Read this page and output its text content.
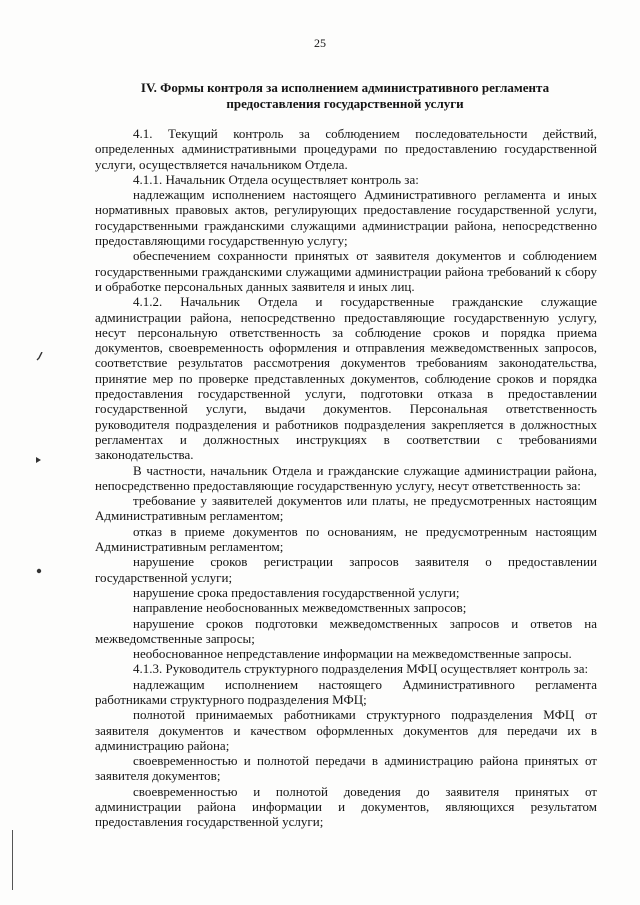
25
IV. Формы контроля за исполнением административного регламента
предоставления государственной услуги

4.1. Текущий контроль за соблюдением последовательности действий, определенных административными процедурами по предоставлению государственной услуги, осуществляется начальником Отдела.

4.1.1. Начальник Отдела осуществляет контроль за:

надлежащим исполнением настоящего Административного регламента и иных нормативных правовых актов, регулирующих предоставление государственной услуги, государственными гражданскими служащими администрации района, непосредственно предоставляющими государственную услугу;

обеспечением сохранности принятых от заявителя документов и соблюдением государственными гражданскими служащими администрации района требований к сбору и обработке персональных данных заявителя и иных лиц.

4.1.2. Начальник Отдела и государственные гражданские служащие администрации района, непосредственно предоставляющие государственную услугу, несут персональную ответственность за соблюдение сроков и порядка приема документов, своевременность оформления и отправления межведомственных запросов, соответствие результатов рассмотрения документов требованиям законодательства, принятие мер по проверке представленных документов, соблюдение сроков и порядка предоставления государственной услуги, подготовки отказа в предоставлении государственной услуги, выдачи документов. Персональная ответственность руководителя подразделения и работников подразделения закрепляется в должностных регламентах и должностных инструкциях в соответствии с требованиями законодательства.

В частности, начальник Отдела и гражданские служащие администрации района, непосредственно предоставляющие государственную услугу, несут ответственность за:

требование у заявителей документов или платы, не предусмотренных настоящим Административным регламентом;

отказ в приеме документов по основаниям, не предусмотренным настоящим Административным регламентом;

нарушение сроков регистрации запросов заявителя о предоставлении государственной услуги;

нарушение срока предоставления государственной услуги;

направление необоснованных межведомственных запросов;

нарушение сроков подготовки межведомственных запросов и ответов на межведомственные запросы;

необоснованное непредставление информации на межведомственные запросы.

4.1.3. Руководитель структурного подразделения МФЦ осуществляет контроль за:

надлежащим исполнением настоящего Административного регламента работниками структурного подразделения МФЦ;

полнотой принимаемых работниками структурного подразделения МФЦ от заявителя документов и качеством оформленных документов для передачи их в администрацию района;

своевременностью и полнотой передачи в администрацию района принятых от заявителя документов;

своевременностью и полнотой доведения до заявителя принятых от администрации района информации и документов, являющихся результатом предоставления государственной услуги;
